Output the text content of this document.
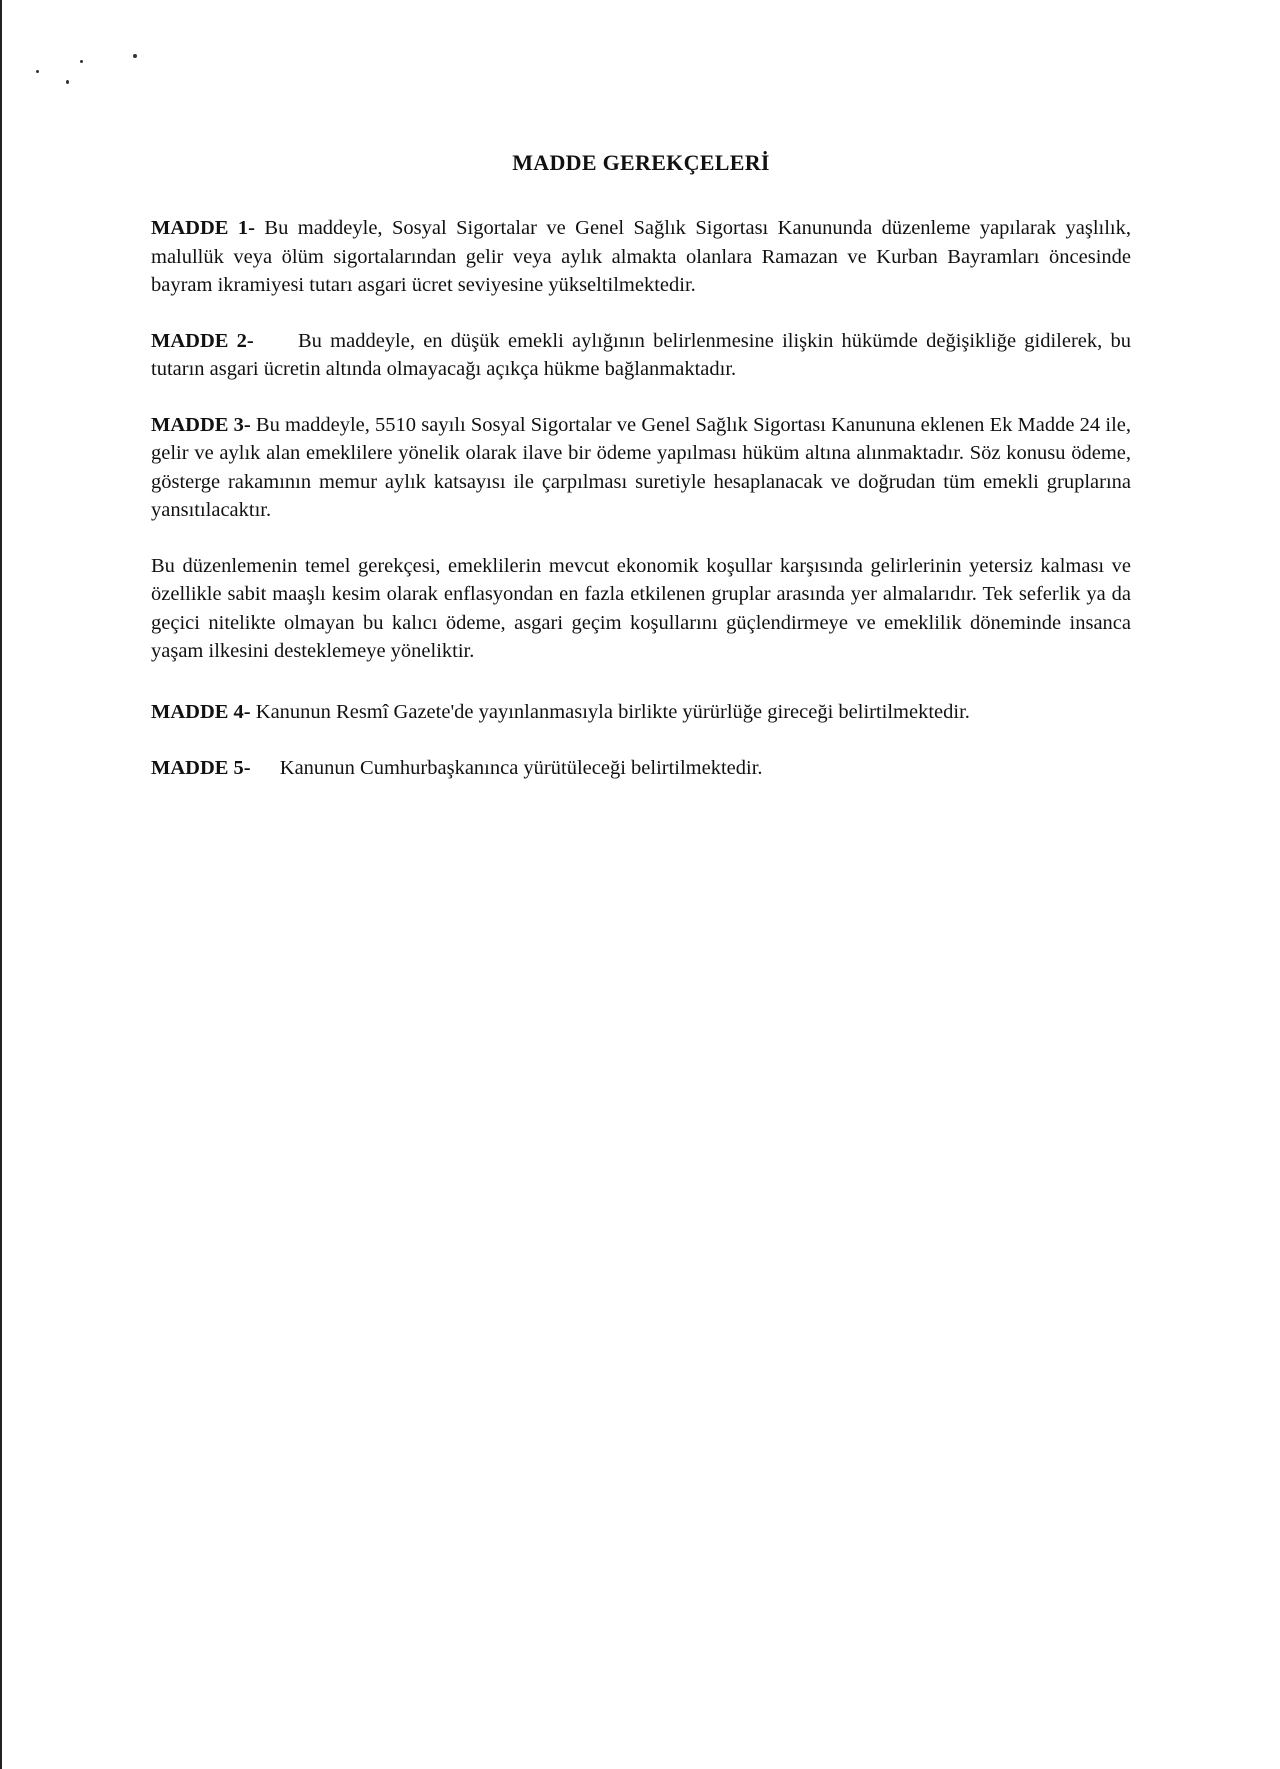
MADDE GEREKÇELERİ

MADDE 1- Bu maddeyle, Sosyal Sigortalar ve Genel Sağlık Sigortası Kanununda düzenleme yapılarak yaşlılık, malullük veya ölüm sigortalarından gelir veya aylık almakta olanlara Ramazan ve Kurban Bayramları öncesinde bayram ikramiyesi tutarı asgari ücret seviyesine yükseltilmektedir.

MADDE 2- Bu maddeyle, en düşük emekli aylığının belirlenmesine ilişkin hükümde değişikliğe gidilerek, bu tutarın asgari ücretin altında olmayacağı açıkça hükme bağlanmaktadır.

MADDE 3- Bu maddeyle, 5510 sayılı Sosyal Sigortalar ve Genel Sağlık Sigortası Kanununa eklenen Ek Madde 24 ile, gelir ve aylık alan emeklilere yönelik olarak ilave bir ödeme yapılması hüküm altına alınmaktadır. Söz konusu ödeme, gösterge rakamının memur aylık katsayısı ile çarpılması suretiyle hesaplanacak ve doğrudan tüm emekli gruplarına yansıtılacaktır.

Bu düzenlemenin temel gerekçesi, emeklilerin mevcut ekonomik koşullar karşısında gelirlerinin yetersiz kalması ve özellikle sabit maaşlı kesim olarak enflasyondan en fazla etkilenen gruplar arasında yer almalarıdır. Tek seferlik ya da geçici nitelikte olmayan bu kalıcı ödeme, asgari geçim koşullarını güçlendirmeye ve emeklilik döneminde insanca yaşam ilkesini desteklemeye yöneliktir.

MADDE 4- Kanunun Resmî Gazete'de yayınlanmasıyla birlikte yürürlüğe gireceği belirtilmektedir.

MADDE 5- Kanunun Cumhurbaşkanınca yürütüleceği belirtilmektedir.
